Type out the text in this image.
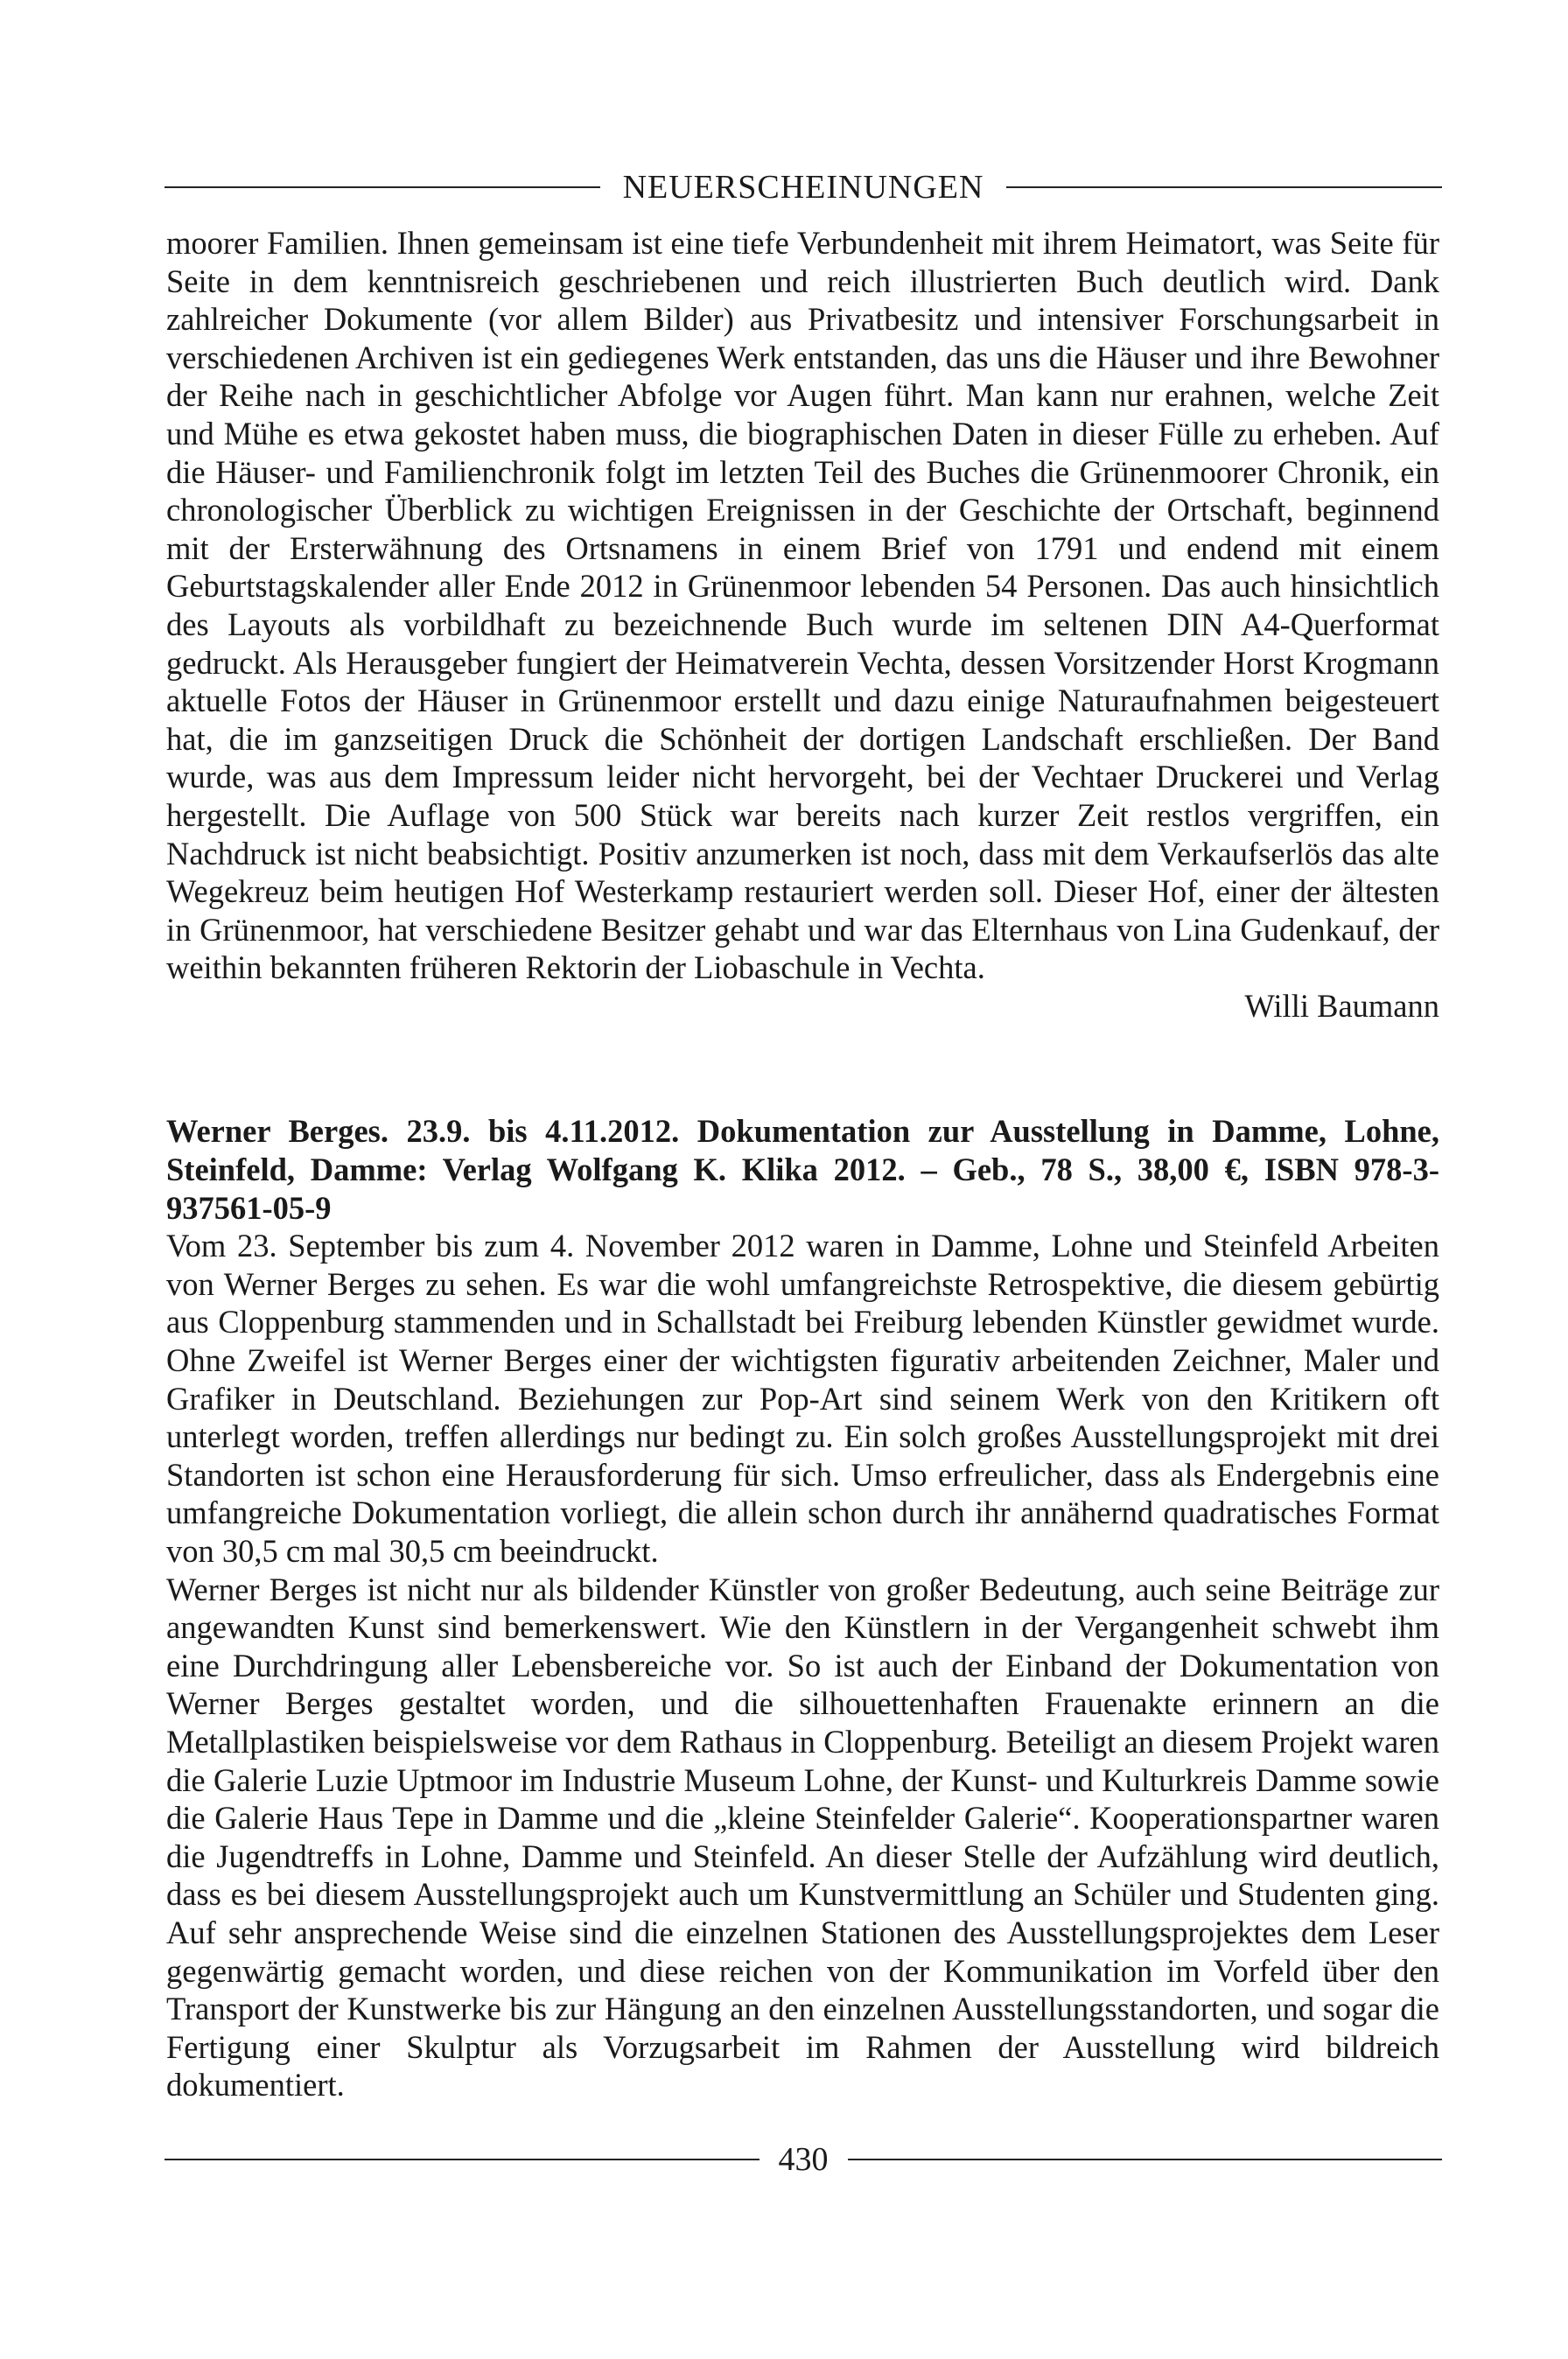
NEUERSCHEINUNGEN

moorer Familien. Ihnen gemeinsam ist eine tiefe Verbundenheit mit ihrem Heimatort, was Seite für Seite in dem kenntnisreich geschriebenen und reich illustrierten Buch deutlich wird. Dank zahlreicher Dokumente (vor allem Bilder) aus Privatbesitz und intensiver Forschungsarbeit in verschiedenen Archiven ist ein gediegenes Werk entstanden, das uns die Häuser und ihre Bewohner der Reihe nach in geschichtlicher Abfolge vor Augen führt. Man kann nur erahnen, welche Zeit und Mühe es etwa gekostet haben muss, die biographischen Daten in dieser Fülle zu erheben. Auf die Häuser- und Familienchronik folgt im letzten Teil des Buches die Grünenmoorer Chronik, ein chronologischer Überblick zu wichtigen Ereignissen in der Geschichte der Ortschaft, beginnend mit der Ersterwähnung des Ortsnamens in einem Brief von 1791 und endend mit einem Geburtstagskalender aller Ende 2012 in Grünenmoor lebenden 54 Personen. Das auch hinsichtlich des Layouts als vorbildhaft zu bezeichnende Buch wurde im seltenen DIN A4-Querformat gedruckt. Als Herausgeber fungiert der Heimatverein Vechta, dessen Vorsitzender Horst Krogmann aktuelle Fotos der Häuser in Grünenmoor erstellt und dazu einige Naturaufnahmen beigesteuert hat, die im ganzseitigen Druck die Schönheit der dortigen Landschaft erschließen. Der Band wurde, was aus dem Impressum leider nicht hervorgeht, bei der Vechtaer Druckerei und Verlag hergestellt. Die Auflage von 500 Stück war bereits nach kurzer Zeit restlos vergriffen, ein Nachdruck ist nicht beabsichtigt. Positiv anzumerken ist noch, dass mit dem Verkaufserlös das alte Wegekreuz beim heutigen Hof Westerkamp restauriert werden soll. Dieser Hof, einer der ältesten in Grünenmoor, hat verschiedene Besitzer gehabt und war das Elternhaus von Lina Gudenkauf, der weithin bekannten früheren Rektorin der Liobaschule in Vechta.

Willi Baumann

Werner Berges. 23.9. bis 4.11.2012. Dokumentation zur Ausstellung in Damme, Lohne, Steinfeld, Damme: Verlag Wolfgang K. Klika 2012. – Geb., 78 S., 38,00 €, ISBN 978-3-937561-05-9

Vom 23. September bis zum 4. November 2012 waren in Damme, Lohne und Steinfeld Arbeiten von Werner Berges zu sehen. Es war die wohl umfangreichste Retrospektive, die diesem gebürtig aus Cloppenburg stammenden und in Schallstadt bei Freiburg lebenden Künstler gewidmet wurde. Ohne Zweifel ist Werner Berges einer der wichtigsten figurativ arbeitenden Zeichner, Maler und Grafiker in Deutschland. Beziehungen zur Pop-Art sind seinem Werk von den Kritikern oft unterlegt worden, treffen allerdings nur bedingt zu. Ein solch großes Ausstellungsprojekt mit drei Standorten ist schon eine Herausforderung für sich. Umso erfreulicher, dass als Endergebnis eine umfangreiche Dokumentation vorliegt, die allein schon durch ihr annähernd quadratisches Format von 30,5 cm mal 30,5 cm beeindruckt.

Werner Berges ist nicht nur als bildender Künstler von großer Bedeutung, auch seine Beiträge zur angewandten Kunst sind bemerkenswert. Wie den Künstlern in der Vergangenheit schwebt ihm eine Durchdringung aller Lebensbereiche vor. So ist auch der Einband der Dokumentation von Werner Berges gestaltet worden, und die silhouettenhaften Frauenakte erinnern an die Metallplastiken beispielsweise vor dem Rathaus in Cloppenburg. Beteiligt an diesem Projekt waren die Galerie Luzie Uptmoor im Industrie Museum Lohne, der Kunst- und Kulturkreis Damme sowie die Galerie Haus Tepe in Damme und die „kleine Steinfelder Galerie“. Kooperationspartner waren die Jugendtreffs in Lohne, Damme und Steinfeld. An dieser Stelle der Aufzählung wird deutlich, dass es bei diesem Ausstellungsprojekt auch um Kunstvermittlung an Schüler und Studenten ging. Auf sehr ansprechende Weise sind die einzelnen Stationen des Ausstellungsprojektes dem Leser gegenwärtig gemacht worden, und diese reichen von der Kommunikation im Vorfeld über den Transport der Kunstwerke bis zur Hängung an den einzelnen Ausstellungsstandorten, und sogar die Fertigung einer Skulptur als Vorzugsarbeit im Rahmen der Ausstellung wird bildreich dokumentiert.

430
